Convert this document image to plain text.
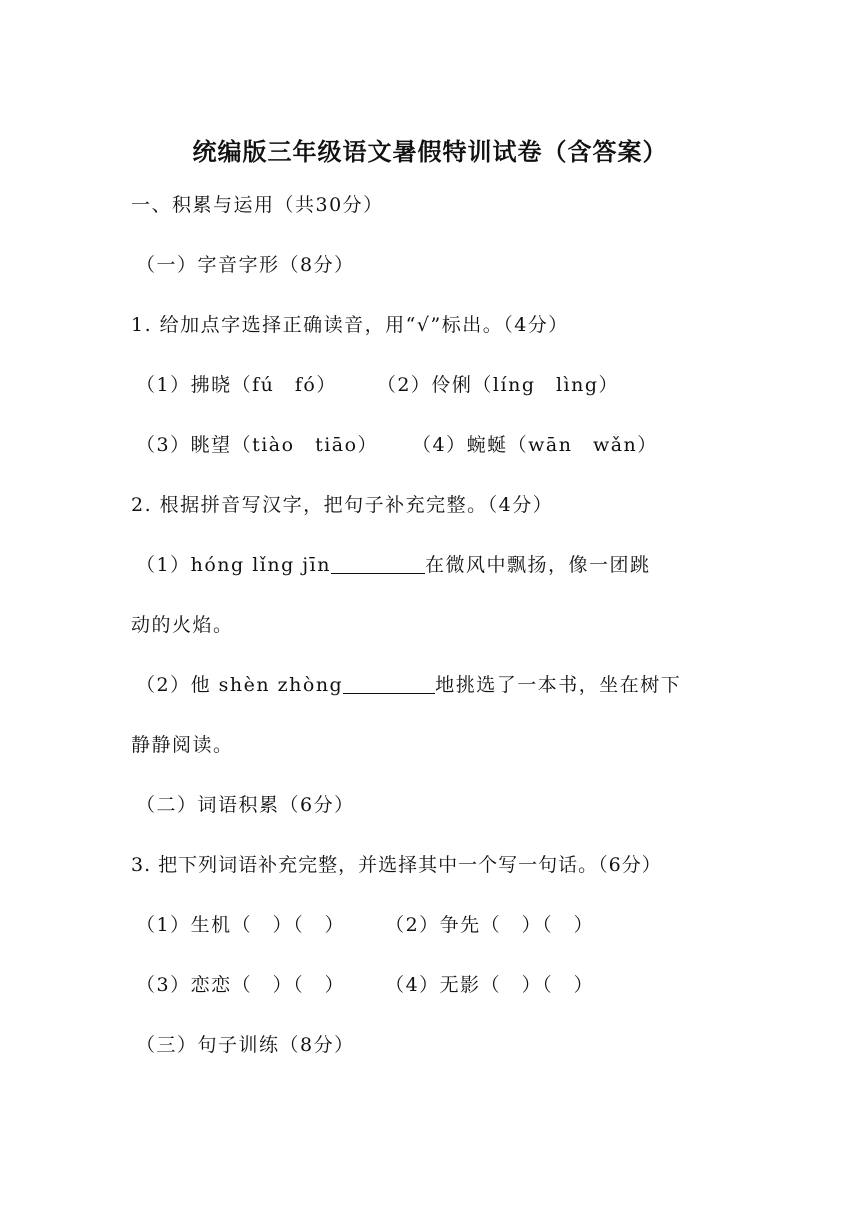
统编版三年级语文暑假特训试卷（含答案）
一、积累与运用（共30分）
（一）字音字形（8分）
1. 给加点字选择正确读音，用“√”标出。（4分）
（1）拂晓（fú　fó） （2）伶俐（líng　lìng）
（3）眺望（tiào　tiāo） （4）蜿蜒（wān　wǎn）
2. 根据拼音写汉字，把句子补充完整。（4分）
（1）hóng lǐng jīn	在微风中飘扬，像一团跳
动的火焰。
（2）他 shèn zhòng	地挑选了一本书，坐在树下
静静阅读。
（二）词语积累（6分）
3. 把下列词语补充完整，并选择其中一个写一句话。（6分）
（1）生机（　）（　） （2）争先（　）（　）
（3）恋恋（　）（　） （4）无影（　）（　）
（三）句子训练（8分）
